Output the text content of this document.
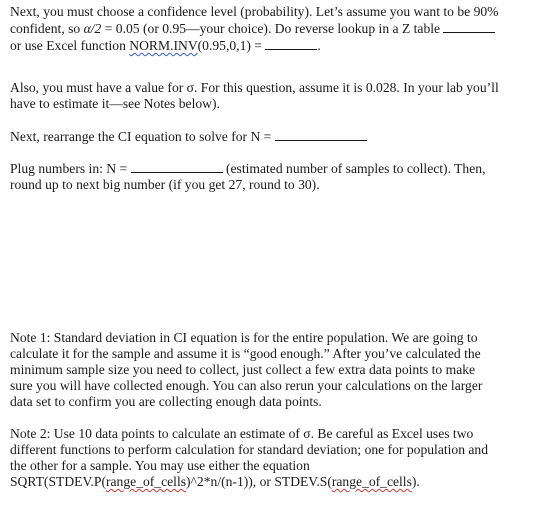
Next, you must choose a confidence level (probability). Let’s assume you want to be 90%

confident, so α/2 = 0.05 (or 0.95—your choice). Do reverse lookup in a Z table

or use Excel function NORM.INV(0.95,0,1) =	.

Also, you must have a value for σ. For this question, assume it is 0.028. In your lab you’ll

have to estimate it—see Notes below).

Next, rearrange the CI equation to solve for N =

Plug numbers in: N =	(estimated number of samples to collect). Then,

round up to next big number (if you get 27, round to 30).

Note 1: Standard deviation in CI equation is for the entire population. We are going to

calculate it for the sample and assume it is “good enough.” After you’ve calculated the

minimum sample size you need to collect, just collect a few extra data points to make

sure you will have collected enough. You can also rerun your calculations on the larger

data set to confirm you are collecting enough data points.

Note 2: Use 10 data points to calculate an estimate of σ. Be careful as Excel uses two

different functions to perform calculation for standard deviation; one for population and

the other for a sample. You may use either the equation

SQRT(STDEV.P(range_of_cells)^2*n/(n-1)), or STDEV.S(range_of_cells).
